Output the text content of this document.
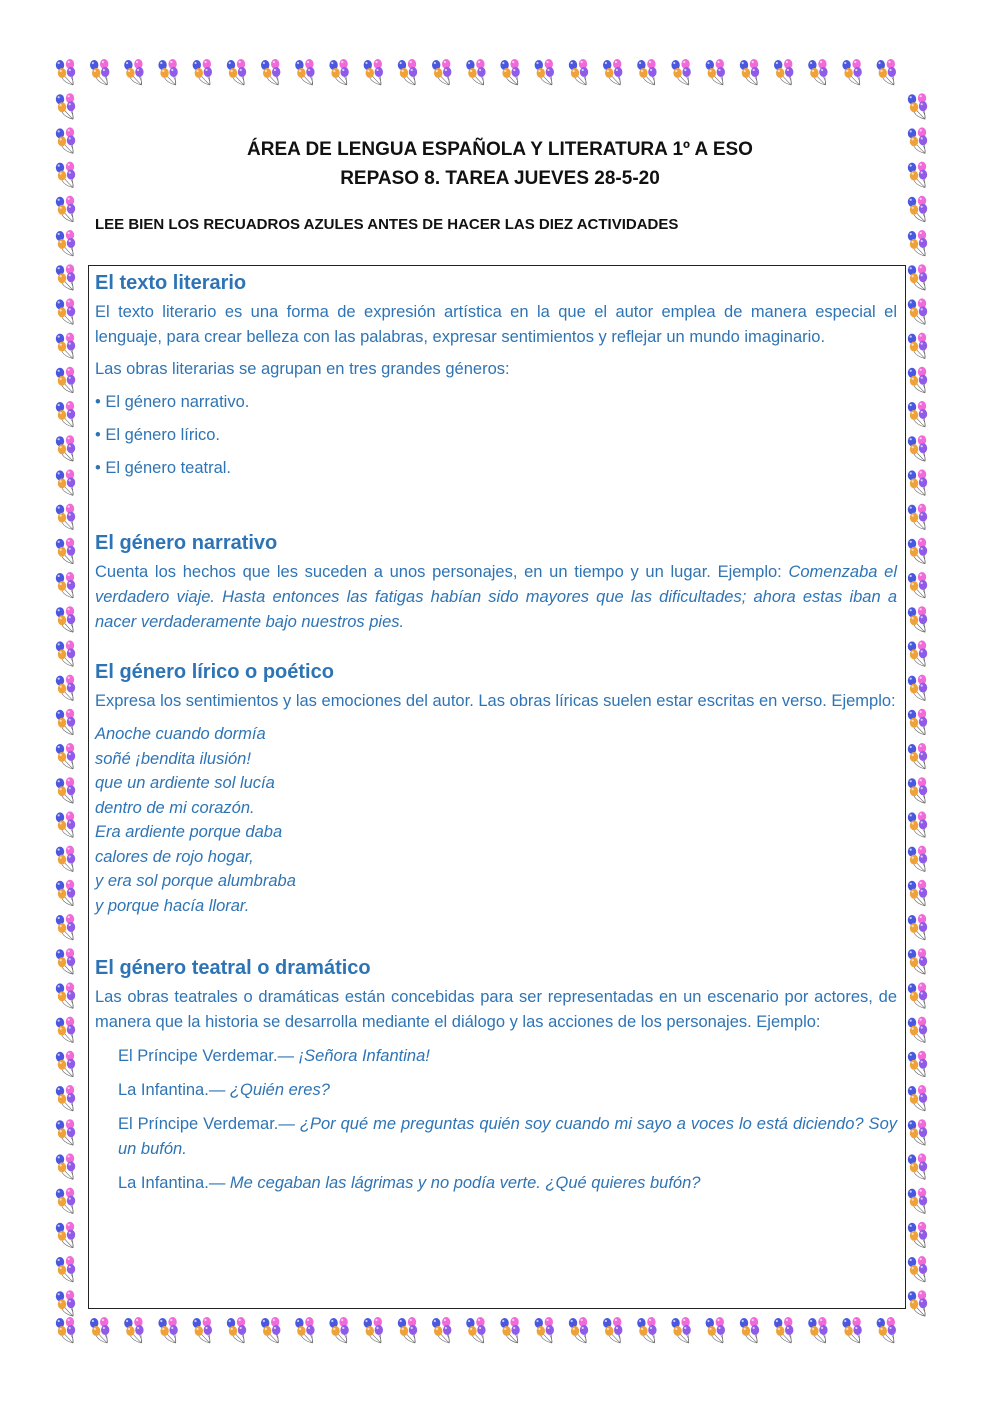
ÁREA DE LENGUA ESPAÑOLA Y LITERATURA 1º A ESO
REPASO 8. TAREA JUEVES 28-5-20
LEE BIEN LOS RECUADROS AZULES ANTES DE HACER LAS DIEZ ACTIVIDADES
El texto literario

El texto literario es una forma de expresión artística en la que el autor emplea de manera especial el lenguaje, para crear belleza con las palabras, expresar sentimientos y reflejar un mundo imaginario.

Las obras literarias se agrupan en tres grandes géneros:

• El género narrativo.

• El género lírico.

• El género teatral.

El género narrativo

Cuenta los hechos que les suceden a unos personajes, en un tiempo y un lugar. Ejemplo: Comenzaba el verdadero viaje. Hasta entonces las fatigas habían sido mayores que las dificultades; ahora estas iban a nacer verdaderamente bajo nuestros pies.

El género lírico o poético

Expresa los sentimientos y las emociones del autor. Las obras líricas suelen estar escritas en verso. Ejemplo:

Anoche cuando dormía
soñé ¡bendita ilusión!
que un ardiente sol lucía
dentro de mi corazón.
Era ardiente porque daba
calores de rojo hogar,
y era sol porque alumbraba
y porque hacía llorar.
El género teatral o dramático

Las obras teatrales o dramáticas están concebidas para ser representadas en un escenario por actores, de manera que la historia se desarrolla mediante el diálogo y las acciones de los personajes. Ejemplo:

El Príncipe Verdemar.— ¡Señora Infantina!

La Infantina.— ¿Quién eres?

El Príncipe Verdemar.— ¿Por qué me preguntas quién soy cuando mi sayo a voces lo está diciendo? Soy un bufón.

La Infantina.— Me cegaban las lágrimas y no podía verte. ¿Qué quieres bufón?
